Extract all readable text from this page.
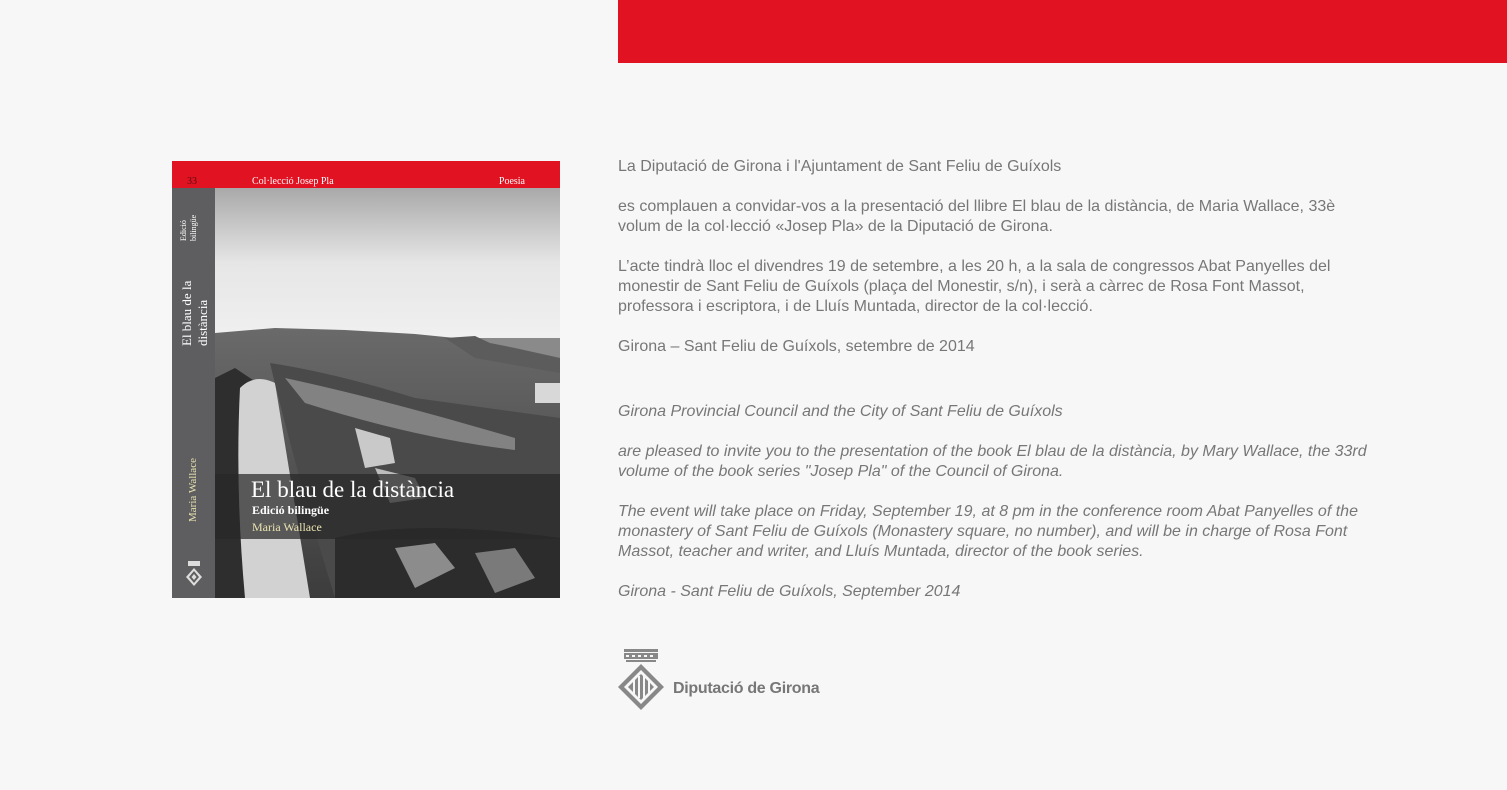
33	Col·lecció Josep Pla	Poesia
El blau de la distància
Edició bilingüe
Maria Wallace El blau de la distància
Edició bilingüe
Maria Wallace

La Diputació de Girona i l'Ajuntament de Sant Feliu de Guíxols

es complauen a convidar-vos a la presentació del llibre El blau de la distància, de Maria Wallace, 33è volum de la col·lecció «Josep Pla» de la Diputació de Girona.

L’acte tindrà lloc el divendres 19 de setembre, a les 20 h, a la sala de congressos Abat Panyelles del monestir de Sant Feliu de Guíxols (plaça del Monestir, s/n), i serà a càrrec de Rosa Font Massot, professora i escriptora, i de Lluís Muntada, director de la col·lecció.

Girona – Sant Feliu de Guíxols, setembre de 2014

Girona Provincial Council and the City of Sant Feliu de Guíxols

are pleased to invite you to the presentation of the book El blau de la distància, by Mary Wallace, the 33rd volume of the book series "Josep Pla" of the Council of Girona.

The event will take place on Friday, September 19, at 8 pm in the conference room Abat Panyelles of the monastery of Sant Feliu de Guíxols (Monastery square, no number), and will be in charge of Rosa Font Massot, teacher and writer, and Lluís Muntada, director of the book series.

Girona - Sant Feliu de Guíxols, September 2014

Diputació de Girona
